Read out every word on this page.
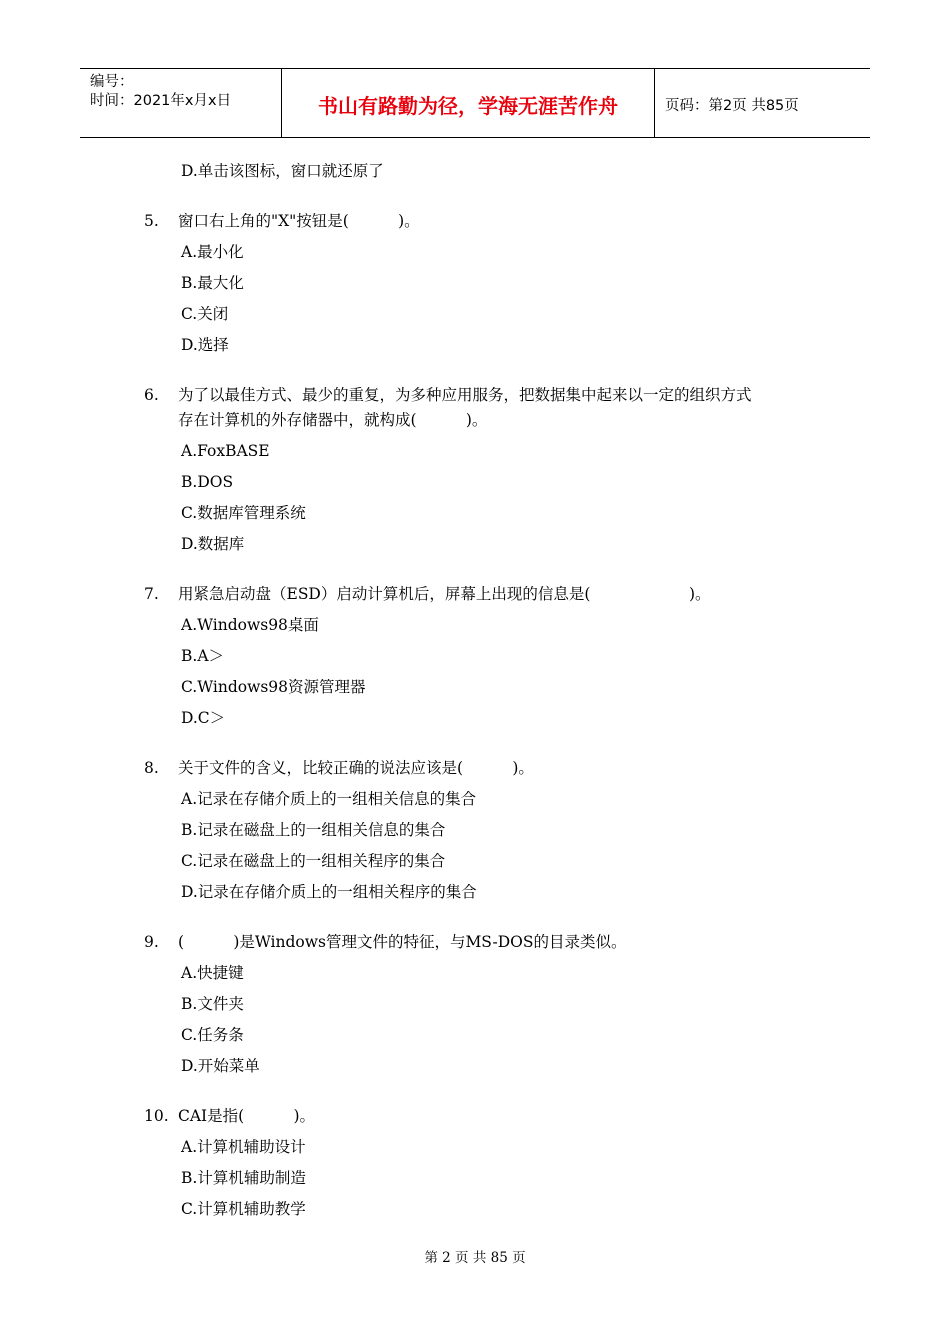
编号：
时间：2021年x月x日	书山有路勤为径，学海无涯苦作舟	页码：第2页 共85页
D.单击该图标，窗口就还原了
5. 窗口右上角的"X"按钮是(          )。
A.最小化
B.最大化
C.关闭
D.选择
6. 为了以最佳方式、最少的重复，为多种应用服务，把数据集中起来以一定的组织方式
存在计算机的外存储器中，就构成(          )。
A.FoxBASE
B.DOS
C.数据库管理系统
D.数据库
7. 用紧急启动盘（ESD）启动计算机后，屏幕上出现的信息是(                    )。
A.Windows98桌面
B.A＞
C.Windows98资源管理器
D.C＞
8. 关于文件的含义，比较正确的说法应该是(          )。
A.记录在存储介质上的一组相关信息的集合
B.记录在磁盘上的一组相关信息的集合
C.记录在磁盘上的一组相关程序的集合
D.记录在存储介质上的一组相关程序的集合
9. (          )是Windows管理文件的特征，与MS-DOS的目录类似。
A.快捷键
B.文件夹
C.任务条
D.开始菜单
10. CAI是指(          )。
A.计算机辅助设计
B.计算机辅助制造
C.计算机辅助教学
第 2 页 共 85 页
